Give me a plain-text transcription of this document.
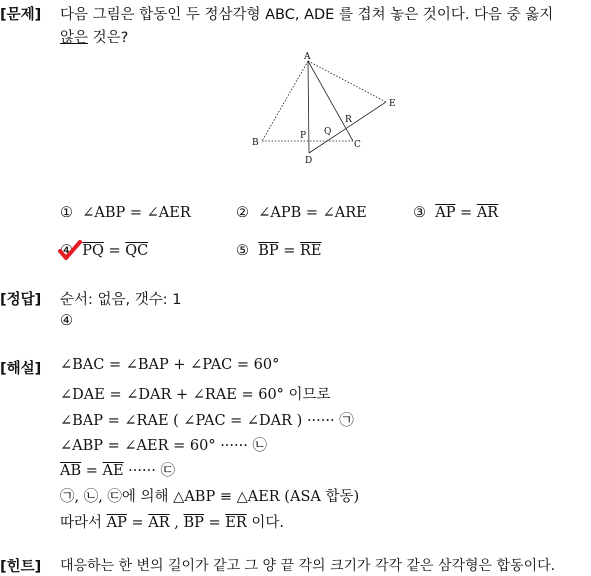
[문제] 다음 그림은 합동인 두 정삼각형 ABC, ADE 를 겹쳐 놓은 것이다. 다음 중 옳지
않은 것은?
A
E
R
B
P Q
C
D
① ∠ABP = ∠AER	② ∠APB = ∠ARE	③ $\overline{AP} = \overline{AR}$
④ $\overline{PQ} = \overline{QC}$	⑤ $\overline{BP} = \overline{RE}$
[정답] 순서: 없음, 갯수: 1
④
[해설] ∠BAC = ∠BAP + ∠PAC = 60°
∠DAE = ∠DAR + ∠RAE = 60° 이므로
∠BAP = ∠RAE ( ∠PAC = ∠DAR ) ······ ㉠
∠ABP = ∠AER = 60° ······ ㉡
$\overline{AB} = \overline{AE}$ ······ ㉢
㉠, ㉡, ㉢에 의해 △ABP ≡ △AER (ASA 합동)
따라서 $\overline{AP} = \overline{AR}$ , $\overline{BP} = \overline{ER}$ 이다.
[힌트] 대응하는 한 변의 길이가 같고 그 양 끝 각의 크기가 각각 같은 삼각형은 합동이다.
